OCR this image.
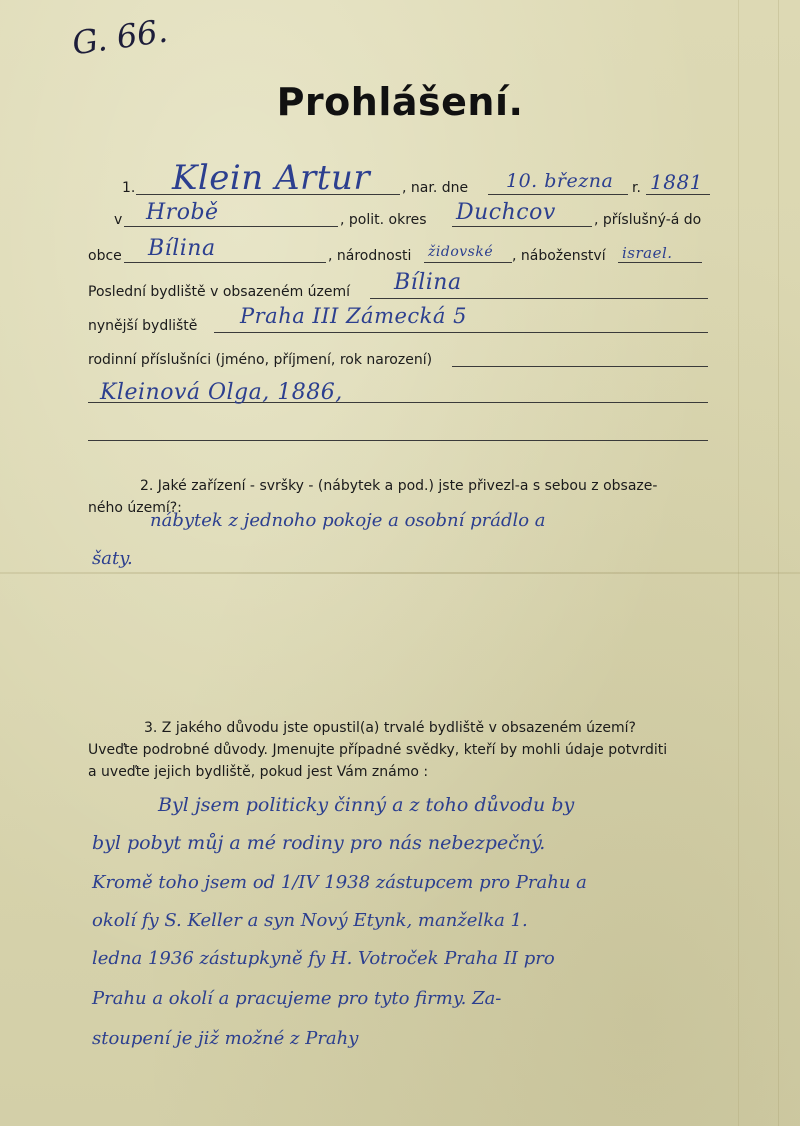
G. 66.
Prohlášení.
1. Klein Artur , nar. dne 10. března r. 1881
v Hrobě	, polit. okres Duchcov	, příslušný-á do
obce Bílina	, národnosti židovské , náboženství israel.
Poslední bydliště v obsazeném území Bílina
nynější bydliště Praha III Zámecká 5
rodinní příslušníci (jméno, příjmení, rok narození)
Kleinová Olga, 1886,
2. Jaké zařízení - svršky - (nábytek a pod.) jste přivezl-a s sebou z obsaze-
ného území?:
nábytek z jednoho pokoje a osobní prádlo a
šaty.
3. Z jakého důvodu jste opustil(a) trvalé bydliště v obsazeném území?
Uveďte podrobné důvody. Jmenujte případné svědky, kteří by mohli údaje potvrditi
a uveďte jejich bydliště, pokud jest Vám známo :
Byl jsem politicky činný a z toho důvodu by
byl pobyt můj a mé rodiny pro nás nebezpečný.
Kromě toho jsem od 1/IV 1938 zástupcem pro Prahu a
okolí fy S. Keller a syn Nový Etynk, manželka 1.
ledna 1936 zástupkyně fy H. Votroček Praha II pro
Prahu a okolí a pracujeme pro tyto firmy. Za-
stoupení je již možné z Prahy
